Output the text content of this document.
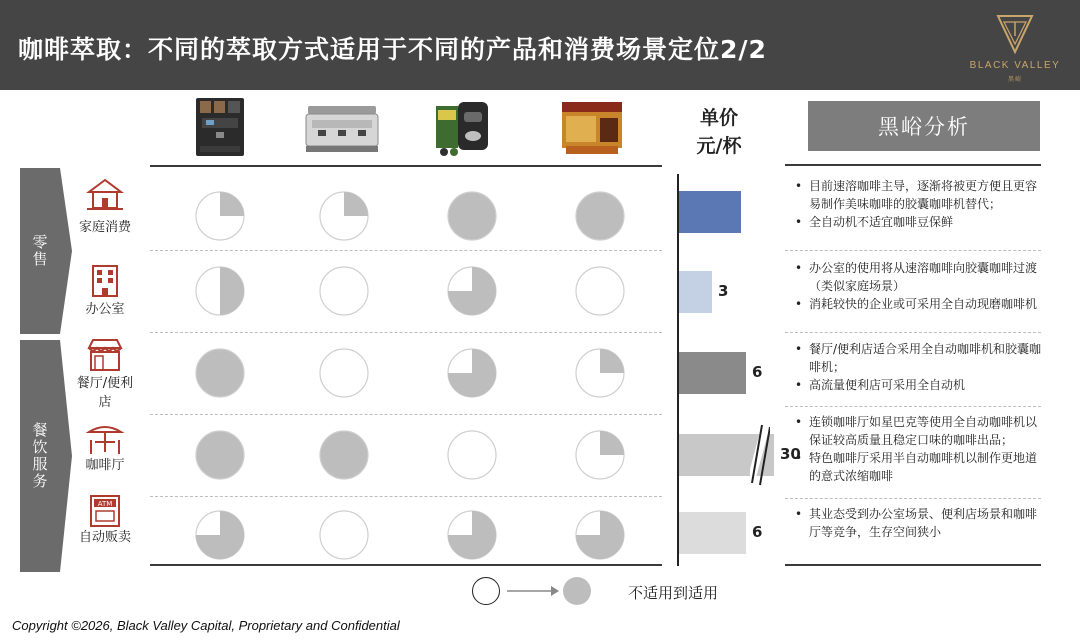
咖啡萃取：不同的萃取方式适用于不同的产品和消费场景定位2/2
BLACK VALLEY
黑峪
零售
餐饮服务
ATM
家庭消费
办公室
餐厅/便利店
咖啡厅
自动贩卖
单价
元/杯
3
6
30
6
黑峪分析
• 目前速溶咖啡主导，逐渐将被更方便且更容易制作美味咖啡的胶囊咖啡机替代；
• 全自动机不适宜咖啡豆保鲜
• 办公室的使用将从速溶咖啡向胶囊咖啡过渡（类似家庭场景）
• 消耗较快的企业或可采用全自动现磨咖啡机
• 餐厅/便利店适合采用全自动咖啡机和胶囊咖啡机；
• 高流量便利店可采用全自动机
• 连锁咖啡厅如星巴克等使用全自动咖啡机以保证较高质量且稳定口味的咖啡出品；
• 特色咖啡厅采用半自动咖啡机以制作更地道的意式浓缩咖啡
• 其业态受到办公室场景、便利店场景和咖啡厅等竞争，生存空间狭小
不适用到适用
Copyright ©2026, Black Valley Capital, Proprietary and Confidential
